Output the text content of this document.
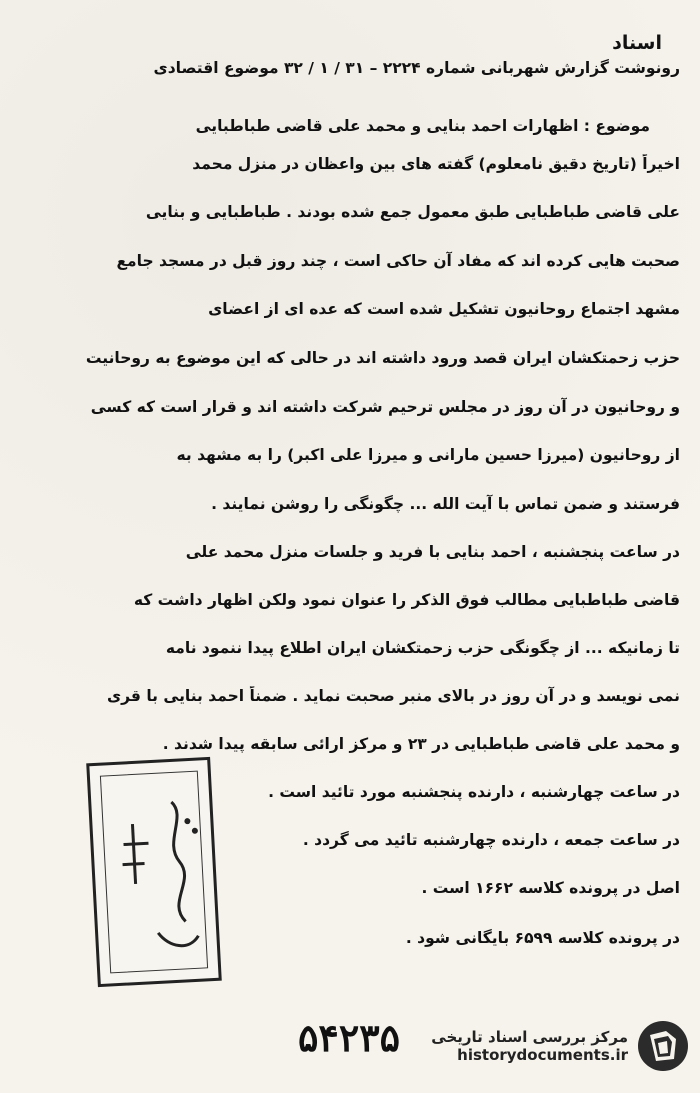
اسناد
رونوشت گزارش شهربانی شماره ۲۲۲۴ – ۳۱ / ۱ / ۳۲ موضوع اقتصادی
موضوع : اظهارات احمد بنایی و محمد علی قاضی طباطبایی
اخیراً (تاریخ دقیق نامعلوم) گفته های بین واعظان در منزل محمد
علی قاضی طباطبایی طبق معمول جمع شده بودند . طباطبایی و بنایی
صحبت هایی کرده اند که مفاد آن حاکی است ، چند روز قبل در مسجد جامع
مشهد اجتماع روحانیون تشکیل شده است که عده ای از اعضای
حزب زحمتکشان ایران قصد ورود داشته اند در حالی که این موضوع به روحانیت
و روحانیون در آن روز در مجلس ترحیم شرکت داشته اند و قرار است که کسی
از روحانیون (میرزا حسین مارانی و میرزا علی اکبر) را به مشهد به
فرستند و ضمن تماس با آیت الله ... چگونگی را روشن نمایند .
در ساعت پنجشنبه ، احمد بنایی با فرید و جلسات منزل محمد علی
قاضی طباطبایی مطالب فوق الذکر را عنوان نمود ولکن اظهار داشت که
تا زمانیکه ... از چگونگی حزب زحمتکشان ایران اطلاع پیدا ننمود نامه
نمی نویسد و در آن روز در بالای منبر صحبت نماید . ضمناً احمد بنایی با قری
و محمد علی قاضی طباطبایی در ۲۳ و مرکز ارائی سابقه پیدا شدند .
در ساعت چهارشنبه ، دارنده پنجشنبه مورد تائید است .
در ساعت جمعه ، دارنده چهارشنبه تائید می گردد .
اصل در پرونده کلاسه ۱۶۶۲ است .
در پرونده کلاسه ۶۵۹۹ بایگانی شود .
۵۴۲۳۵ مرکز بررسی اسناد تاریخی
historydocuments.ir
